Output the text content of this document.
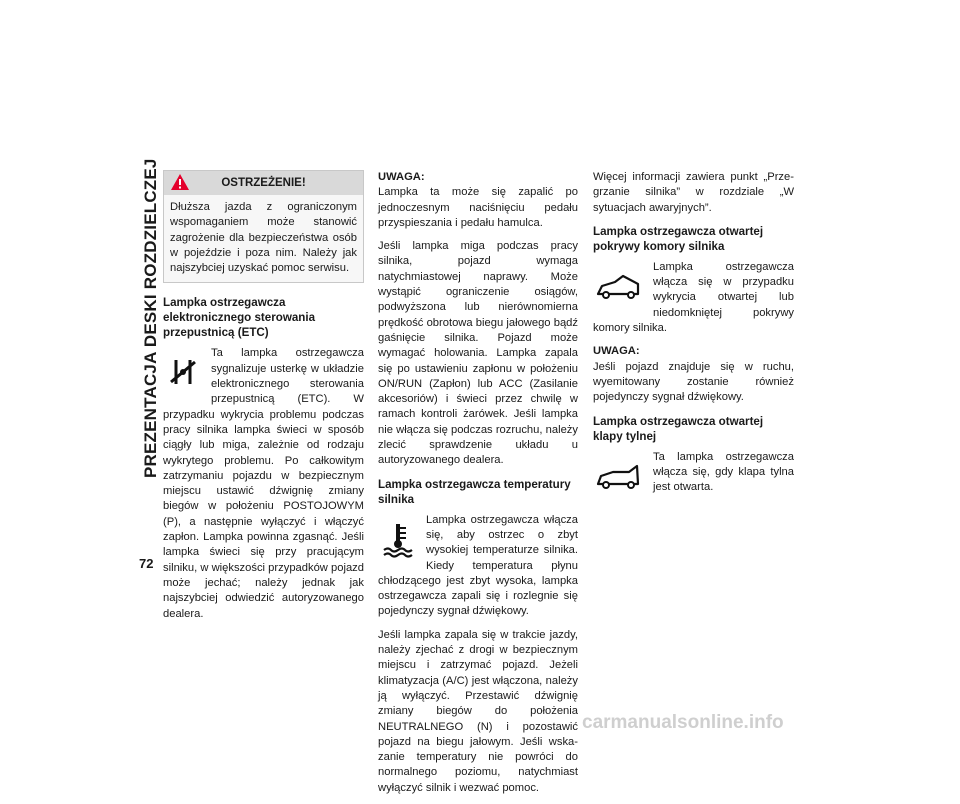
PREZENTACJA DESKI ROZDZIELCZEJ
72
OSTRZEŻENIE!
Dłuższa jazda z ograniczonym wspomaganiem może stanowić zagrożenie dla bezpieczeństwa osób w pojeździe i poza nim. Należy jak najszybciej uzyskać pomoc serwisu.
Lampka ostrzegawcza elektronicznego sterowania przepustnicą (ETC)

Ta lampka ostrzegawcza sygnalizuje usterkę w układzie elektronicznego sterowania przepustnicą (ETC). W przypadku wykrycia problemu podczas pracy silnika lampka świeci w sposób ciągły lub miga, zależnie od rodzaju wykrytego problemu. Po całkowitym zatrzymaniu pojazdu w bezpiecznym miejscu ustawić dźwignię zmiany biegów w położeniu POSTOJOWYM (P), a następnie wyłączyć i włączyć zapłon. Lampka powinna zgasnąć. Jeśli lampka świeci się przy pracującym silniku, w większości przypadków pojazd może jechać; należy jednak jak najszybciej odwiedzić autoryzowanego dealera.

UWAGA:
Lampka ta może się zapalić po jednoczesnym naciśnięciu pedału przyspieszania i pedału hamulca.

Jeśli lampka miga podczas pracy silnika, pojazd wymaga natychmiastowej naprawy. Może wystąpić ograniczenie osiągów, podwyższona lub nierównomierna prędkość obrotowa biegu jałowego bądź gaśnięcie silnika. Pojazd może wymagać holowania. Lampka zapala się po ustawieniu zapłonu w położeniu ON/RUN (Zapłon) lub ACC (Zasilanie akcesoriów) i świeci przez chwilę w ramach kontroli żarówek. Jeśli lampka nie włącza się podczas rozruchu, należy zlecić sprawdzenie układu u autoryzowanego dealera.

Lampka ostrzegawcza temperatury silnika

Lampka ostrzegawcza włącza się, aby ostrzec o zbyt wysokiej temperaturze silnika. Kiedy temperatura płynu chłodzącego jest zbyt wysoka, lampka ostrzegawcza zapali się i rozlegnie się pojedynczy sygnał dźwiękowy.

Jeśli lampka zapala się w trakcie jazdy, należy zjechać z drogi w bezpiecznym miejscu i zatrzymać pojazd. Jeżeli klimatyzacja (A/C) jest włączona, należy ją wyłączyć. Przestawić dźwignię zmiany biegów do położenia NEUTRALNEGO (N) i pozostawić pojazd na biegu jałowym. Jeśli wskazanie temperatury nie powróci do normalnego poziomu, natychmiast wyłączyć silnik i wezwać pomoc.

Więcej informacji zawiera punkt „Przegrzanie silnika” w rozdziale „W sytuacjach awaryjnych”.

Lampka ostrzegawcza otwartej pokrywy komory silnika

Lampka ostrzegawcza włącza się w przypadku wykrycia otwartej lub niedomkniętej pokrywy komory silnika.

UWAGA:
Jeśli pojazd znajduje się w ruchu, wyemitowany zostanie również pojedynczy sygnał dźwiękowy.

Lampka ostrzegawcza otwartej klapy tylnej

Ta lampka ostrzegawcza włącza się, gdy klapa tylna jest otwarta.

carmanualsonline.info
